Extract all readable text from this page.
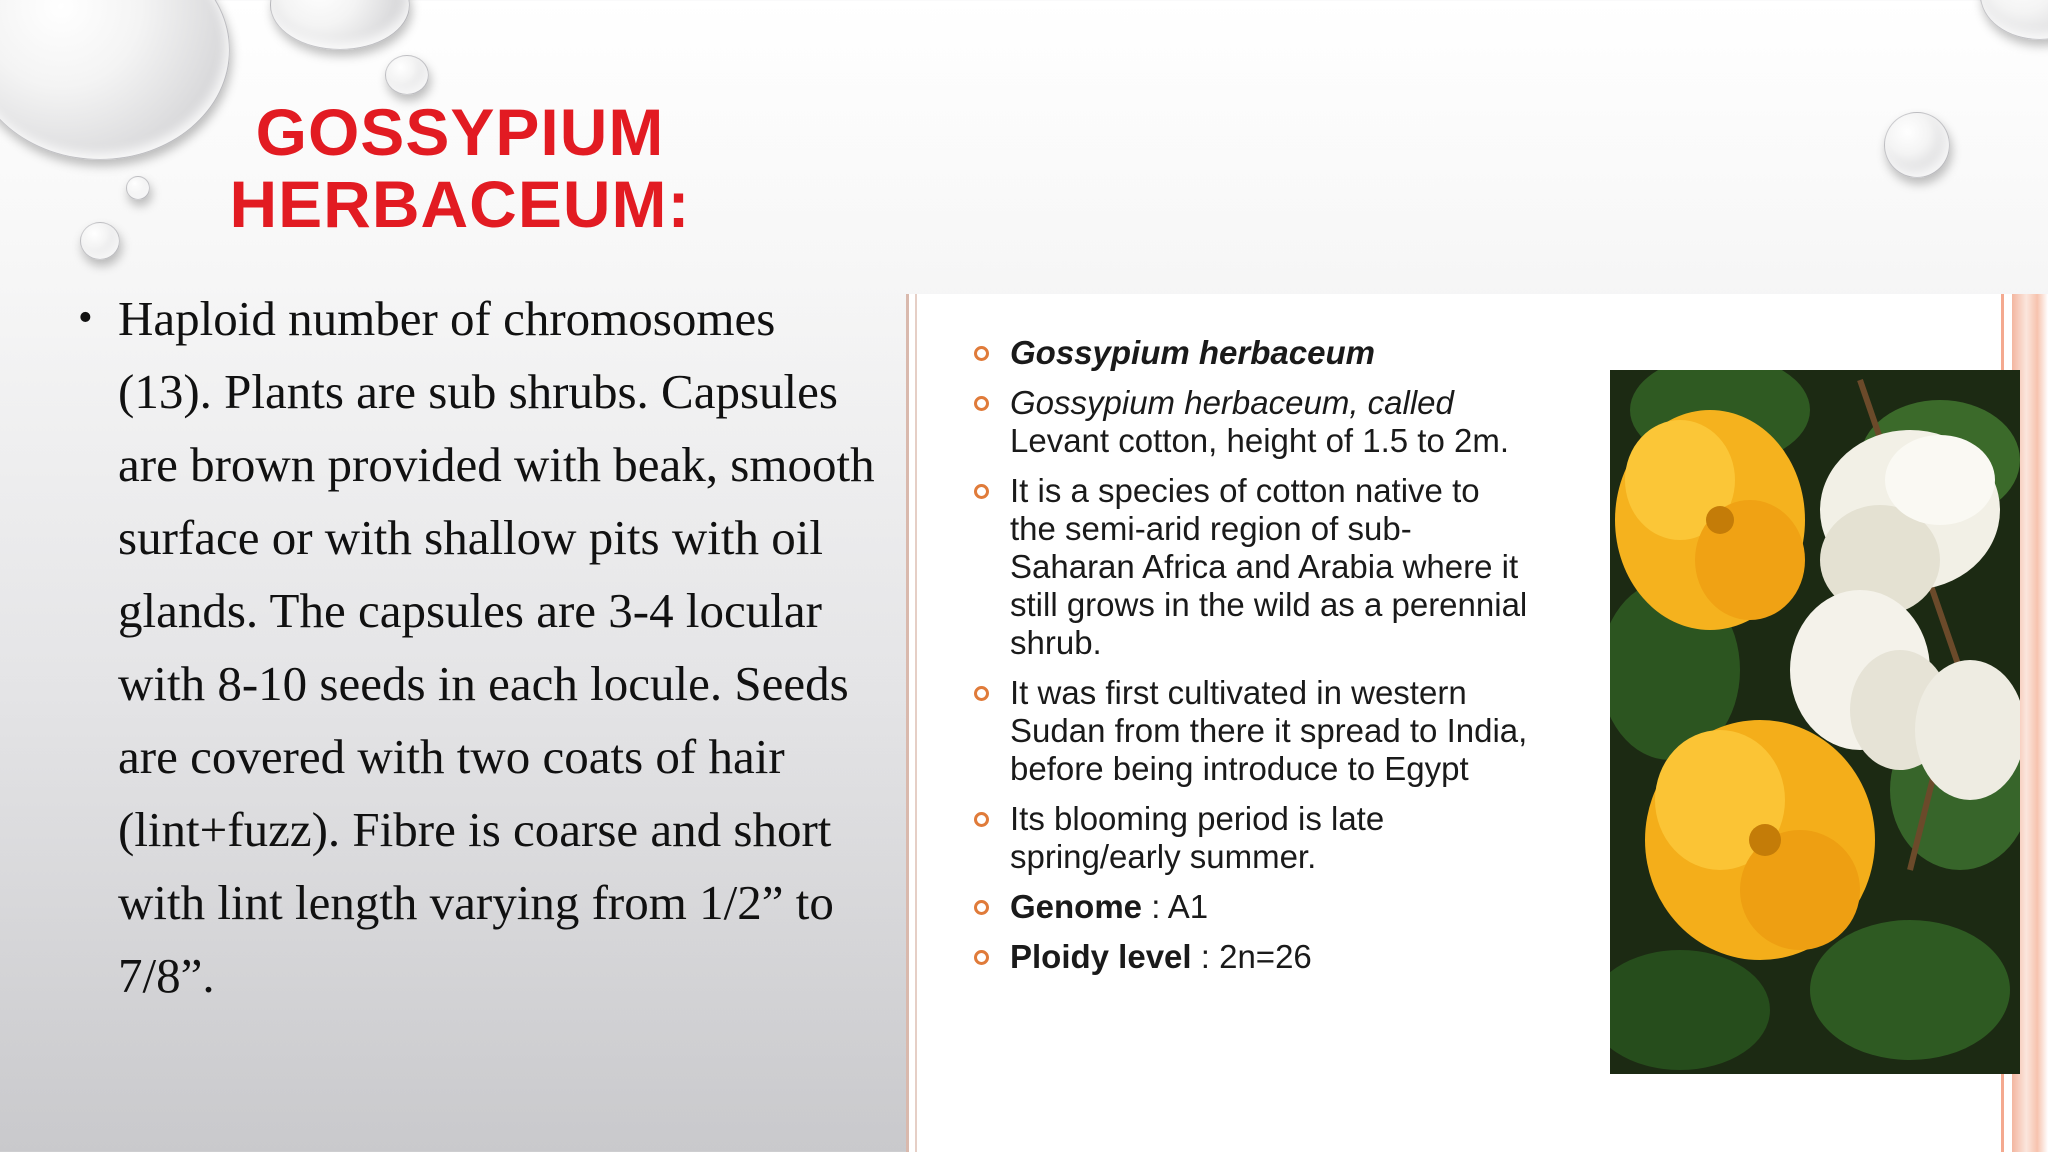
GOSSYPIUM
HERBACEUM:
• Haploid number of chromosomes (13). Plants are sub shrubs. Capsules are brown provided with beak, smooth surface or with shallow pits with oil glands. The capsules are 3-4 locular with 8-10 seeds in each locule. Seeds are covered with two coats of hair (lint+fuzz). Fibre is coarse and short with lint length varying from 1/2” to 7/8”.
Gossypium herbaceum
Gossypium herbaceum, called
Levant cotton, height of 1.5 to 2m.
It is a species of cotton native to the semi-arid region of sub-Saharan Africa and Arabia where it still grows in the wild as a perennial shrub.
It was first cultivated in western Sudan from there it spread to India, before being introduce to Egypt
Its blooming period is late spring/early summer.
Genome : A1
Ploidy level : 2n=26
